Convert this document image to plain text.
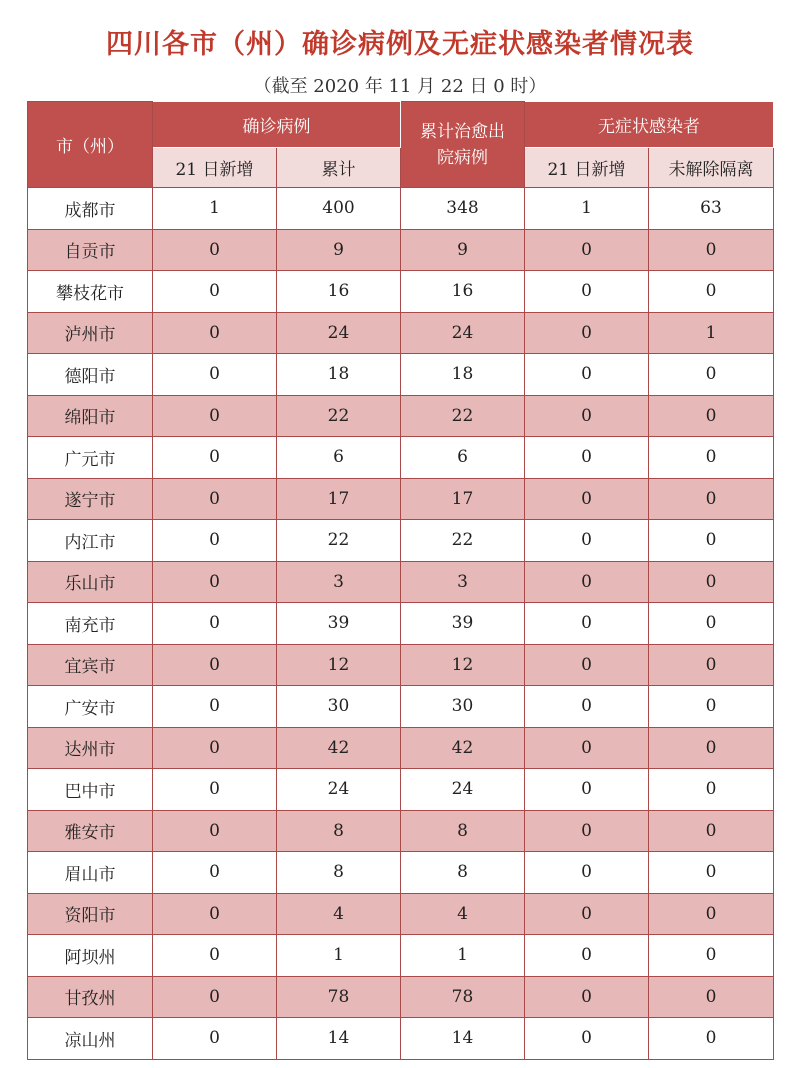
四川各市（州）确诊病例及无症状感染者情况表
（截至 2020 年 11 月 22 日 0 时）
市（州）	确诊病例		累计治愈出院病例	无症状感染者	
	21 日新增	累计		21 日新增	未解除隔离
成都市	1	400	348	1	63
自贡市	0	9	9	0	0
攀枝花市	0	16	16	0	0
泸州市	0	24	24	0	1
德阳市	0	18	18	0	0
绵阳市	0	22	22	0	0
广元市	0	6	6	0	0
遂宁市	0	17	17	0	0
内江市	0	22	22	0	0
乐山市	0	3	3	0	0
南充市	0	39	39	0	0
宜宾市	0	12	12	0	0
广安市	0	30	30	0	0
达州市	0	42	42	0	0
巴中市	0	24	24	0	0
雅安市	0	8	8	0	0
眉山市	0	8	8	0	0
资阳市	0	4	4	0	0
阿坝州	0	1	1	0	0
甘孜州	0	78	78	0	0
凉山州	0	14	14	0	0
